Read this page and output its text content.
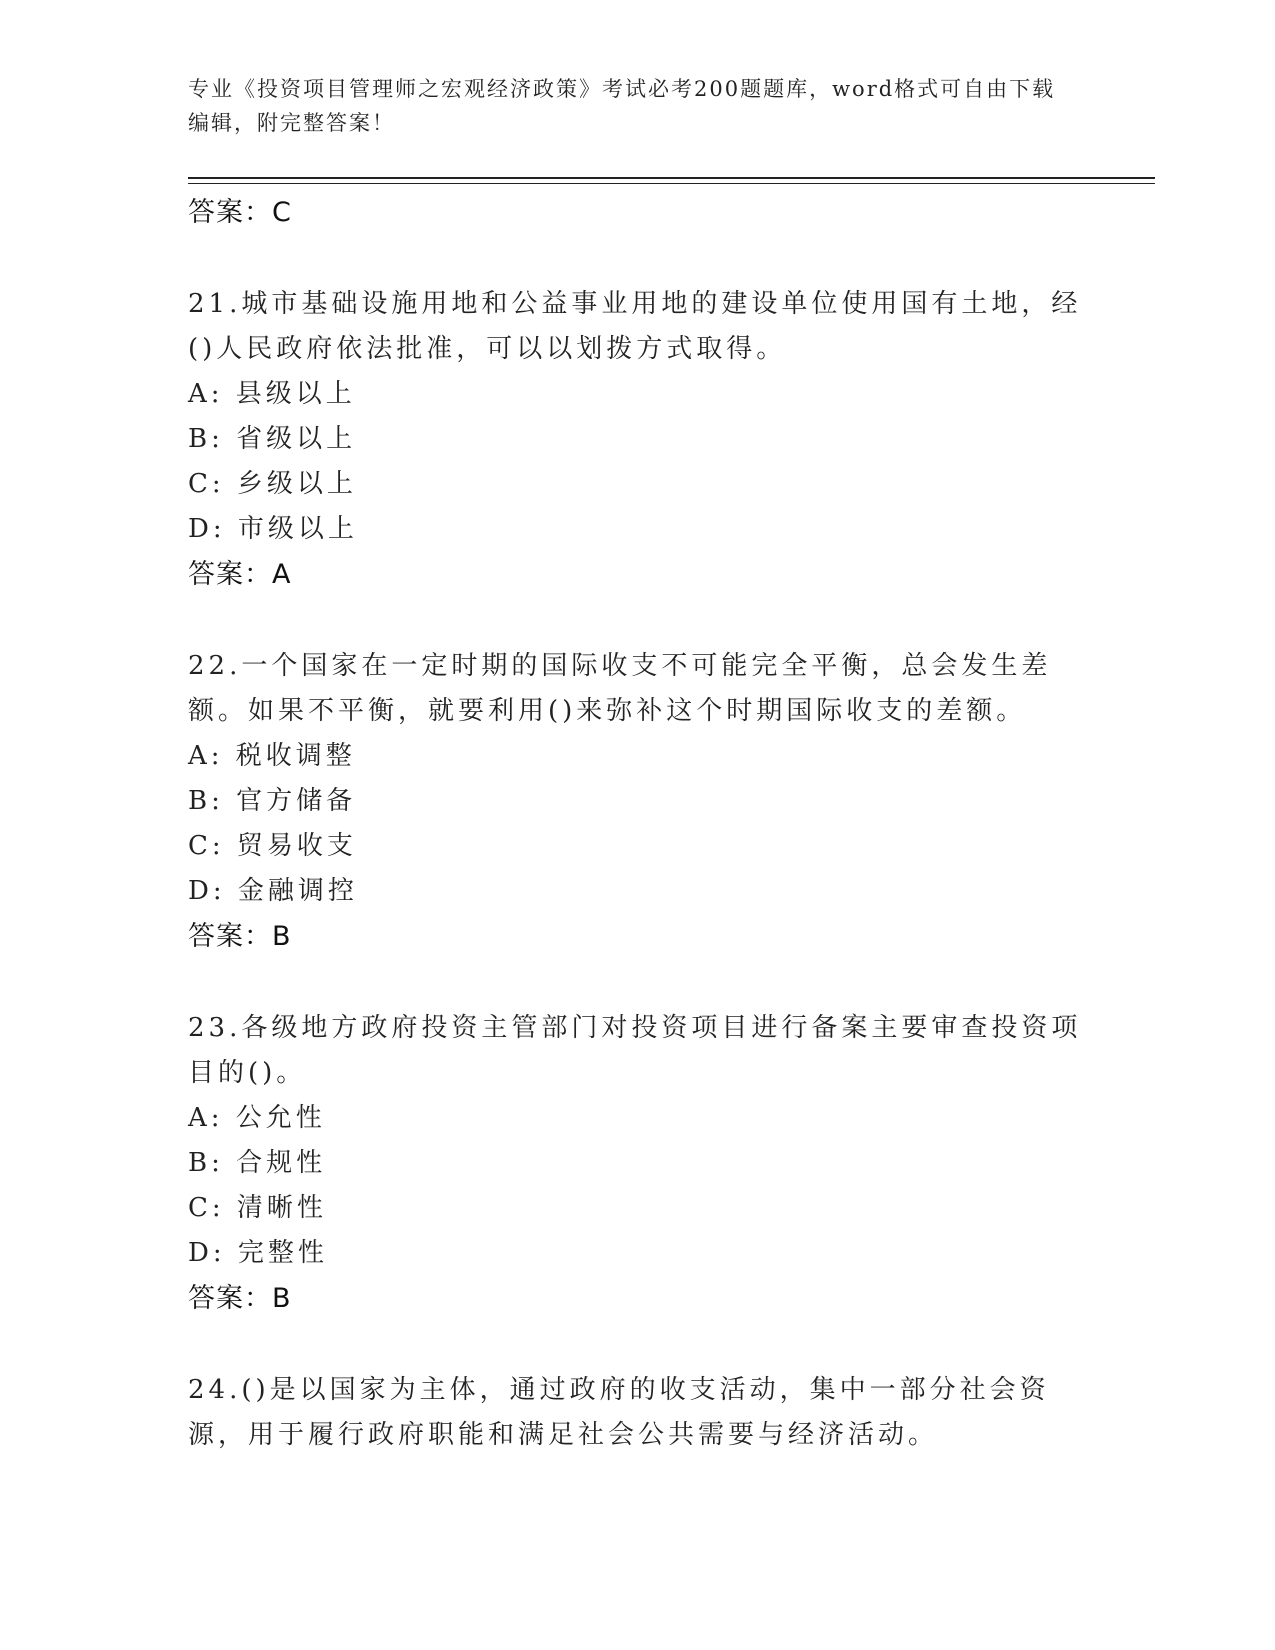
专业《投资项目管理师之宏观经济政策》考试必考200题题库，word格式可自由下载编辑，附完整答案！
答案：C
21.城市基础设施用地和公益事业用地的建设单位使用国有土地，经()人民政府依法批准，可以以划拨方式取得。
A: 县级以上
B: 省级以上
C: 乡级以上
D: 市级以上
答案：A
22.一个国家在一定时期的国际收支不可能完全平衡，总会发生差额。如果不平衡，就要利用()来弥补这个时期国际收支的差额。
A: 税收调整
B: 官方储备
C: 贸易收支
D: 金融调控
答案：B
23.各级地方政府投资主管部门对投资项目进行备案主要审查投资项目的()。
A: 公允性
B: 合规性
C: 清晰性
D: 完整性
答案：B
24.()是以国家为主体，通过政府的收支活动，集中一部分社会资源，用于履行政府职能和满足社会公共需要与经济活动。
